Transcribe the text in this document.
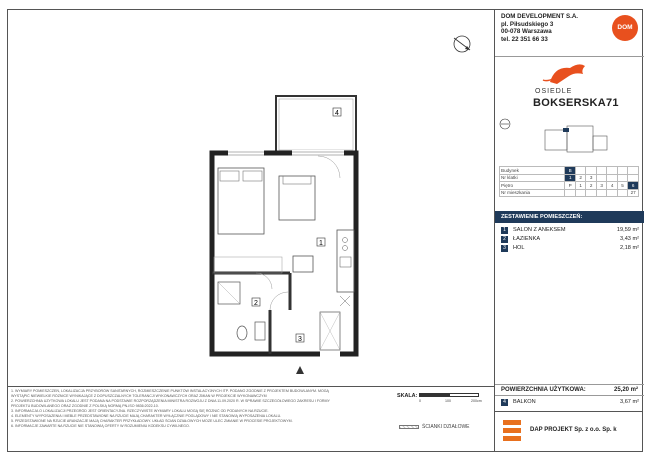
1
2
3
4
DOM DEVELOPMENT S.A.
pl. Piłsudskiego 3
00-078 Warszawa
tel. 22 351 66 33
DOM
OSIEDLE
BOKSERSKA71
Budynek	B						
Nr klatki	1	2	3				
Piętro	P	1	2	3	4	5	6
Nr mieszkania							27
ZESTAWIENIE POMIESZCZEŃ:
1	SALON Z ANEKSEM	19,59 m²
2	ŁAZIENKA	3,43 m²
3	HOL	2,18 m²
POWIERZCHNIA UŻYTKOWA:	25,20 m²
4	BALKON	3,67 m²
1. WYMIARY POMIESZCZEŃ, LOKALIZACJA PRZYBORÓW SANITARNYCH, ROZMIESZCZENIE PUNKTÓW INSTALACYJNYCH ITP. PODANO ZGODNIE Z PROJEKTEM BUDOWLANYM. MOGĄ
WYSTĄPIĆ NIEWIELKIE RÓŻNICE WYNIKAJĄCE Z DOPUSZCZALNYCH TOLERANCJI WYKONAWCZYCH ORAZ ZMIAN W PROJEKCIE WYKONAWCZYM
2. POWIERZCHNIA UŻYTKOWA LOKALU JEST PODANA NA PODSTAWIE ROZPORZĄDZENIA MINISTRA ROZWOJU Z DNIA 11.09.2020 R. W SPRAWIE SZCZEGÓŁOWEGO ZAKRESU I FORMY
PROJEKTU BUDOWLANEGO ORAZ ZGODNIE Z POLSKĄ NORMĄ PN-ISO 9836:2022-10.
3. INFORMACJA O LOKALIZACJI PRZEGRÓD JEST ORIENTACYJNA. RZECZYWISTE WYMIARY LOKALU MOGĄ SIĘ RÓŻNIĆ OD PODANYCH NA RZUCIE.
4. ELEMENTY WYPOSAŻENIA I MEBLE PRZEDSTAWIONE NA RZUCIE MAJĄ CHARAKTER WYŁĄCZNIE POGLĄDOWY I NIE STANOWIĄ WYPOSAŻENIA LOKALU.
5. PRZEDSTAWIONE NA RZUCIE ARANŻACJE MAJĄ CHARAKTER PRZYKŁADOWY. UKŁAD ŚCIAN DZIAŁOWYCH MOŻE ULEC ZMIANIE W PROCESIE PROJEKTOWYM.
6. INFORMACJE ZAWARTE NA RZUCIE NIE STANOWIĄ OFERTY W ROZUMIENIU KODEKSU CYWILNEGO.
SKALA:
0	100	200cm
ŚCIANKI DZIAŁOWE	DAP PROJEKT Sp. z o.o. Sp. k
